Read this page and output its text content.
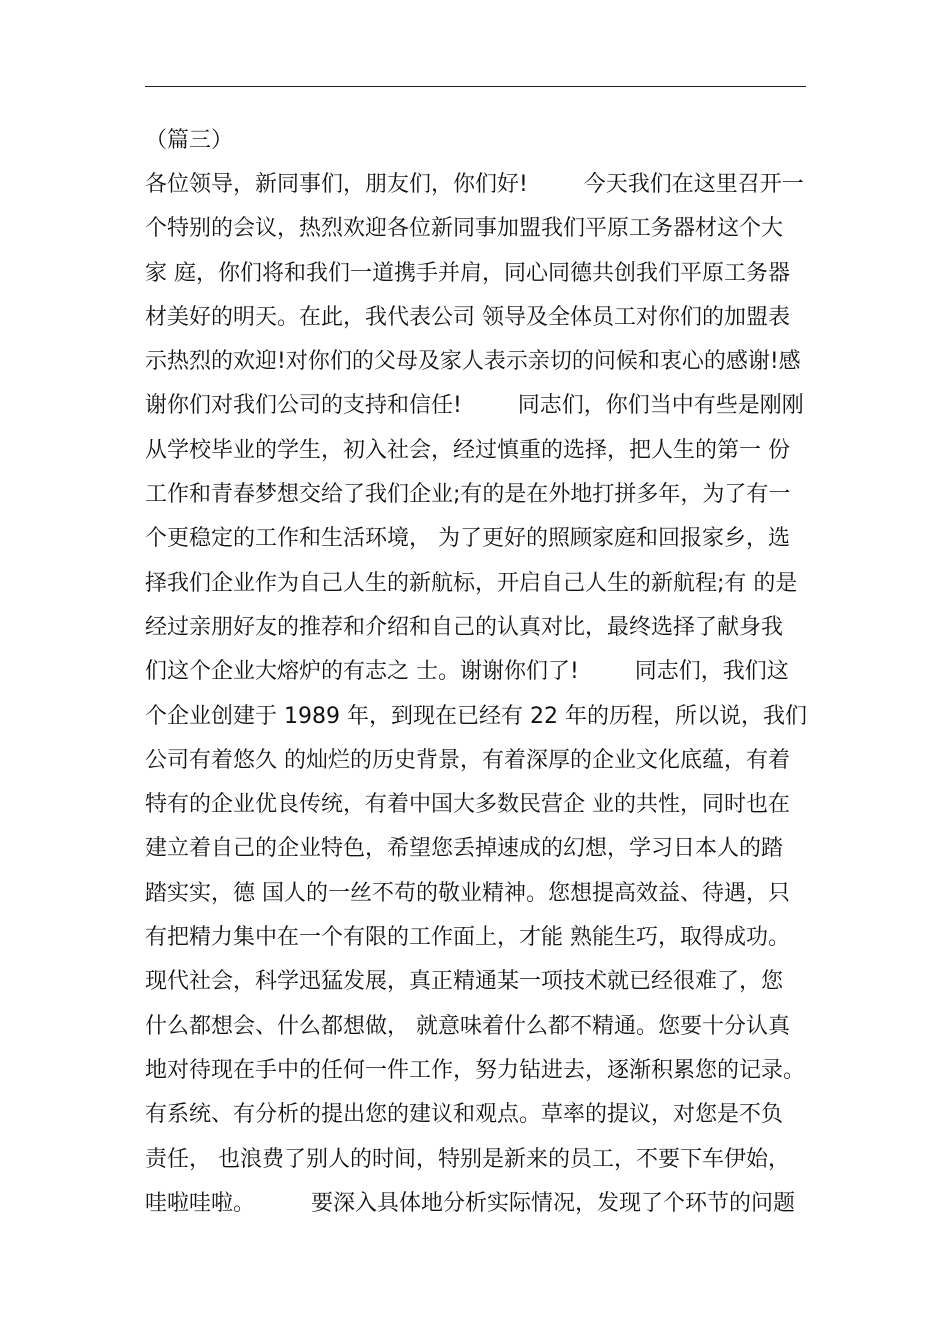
（篇三）
各位领导，新同事们，朋友们，你们好!        今天我们在这里召开一
个特别的会议，热烈欢迎各位新同事加盟我们平原工务器材这个大
家 庭，你们将和我们一道携手并肩，同心同德共创我们平原工务器
材美好的明天。在此，我代表公司 领导及全体员工对你们的加盟表
示热烈的欢迎!对你们的父母及家人表示亲切的问候和衷心的感谢!感
谢你们对我们公司的支持和信任!        同志们，你们当中有些是刚刚
从学校毕业的学生，初入社会，经过慎重的选择，把人生的第一 份
工作和青春梦想交给了我们企业;有的是在外地打拼多年，为了有一
个更稳定的工作和生活环境， 为了更好的照顾家庭和回报家乡，选
择我们企业作为自己人生的新航标，开启自己人生的新航程;有 的是
经过亲朋好友的推荐和介绍和自己的认真对比，最终选择了献身我
们这个企业大熔炉的有志之 士。谢谢你们了!        同志们，我们这
个企业创建于 1989 年，到现在已经有 22 年的历程，所以说，我们
公司有着悠久 的灿烂的历史背景，有着深厚的企业文化底蕴，有着
特有的企业优良传统，有着中国大多数民营企 业的共性，同时也在
建立着自己的企业特色，希望您丢掉速成的幻想，学习日本人的踏
踏实实，德 国人的一丝不苟的敬业精神。您想提高效益、待遇，只
有把精力集中在一个有限的工作面上，才能 熟能生巧，取得成功。
现代社会，科学迅猛发展，真正精通某一项技术就已经很难了，您
什么都想会、什么都想做， 就意味着什么都不精通。您要十分认真
地对待现在手中的任何一件工作，努力钻进去，逐渐积累您的记录。
有系统、有分析的提出您的建议和观点。草率的提议，对您是不负
责任， 也浪费了别人的时间，特别是新来的员工，不要下车伊始，
哇啦哇啦。        要深入具体地分析实际情况，发现了个环节的问题
